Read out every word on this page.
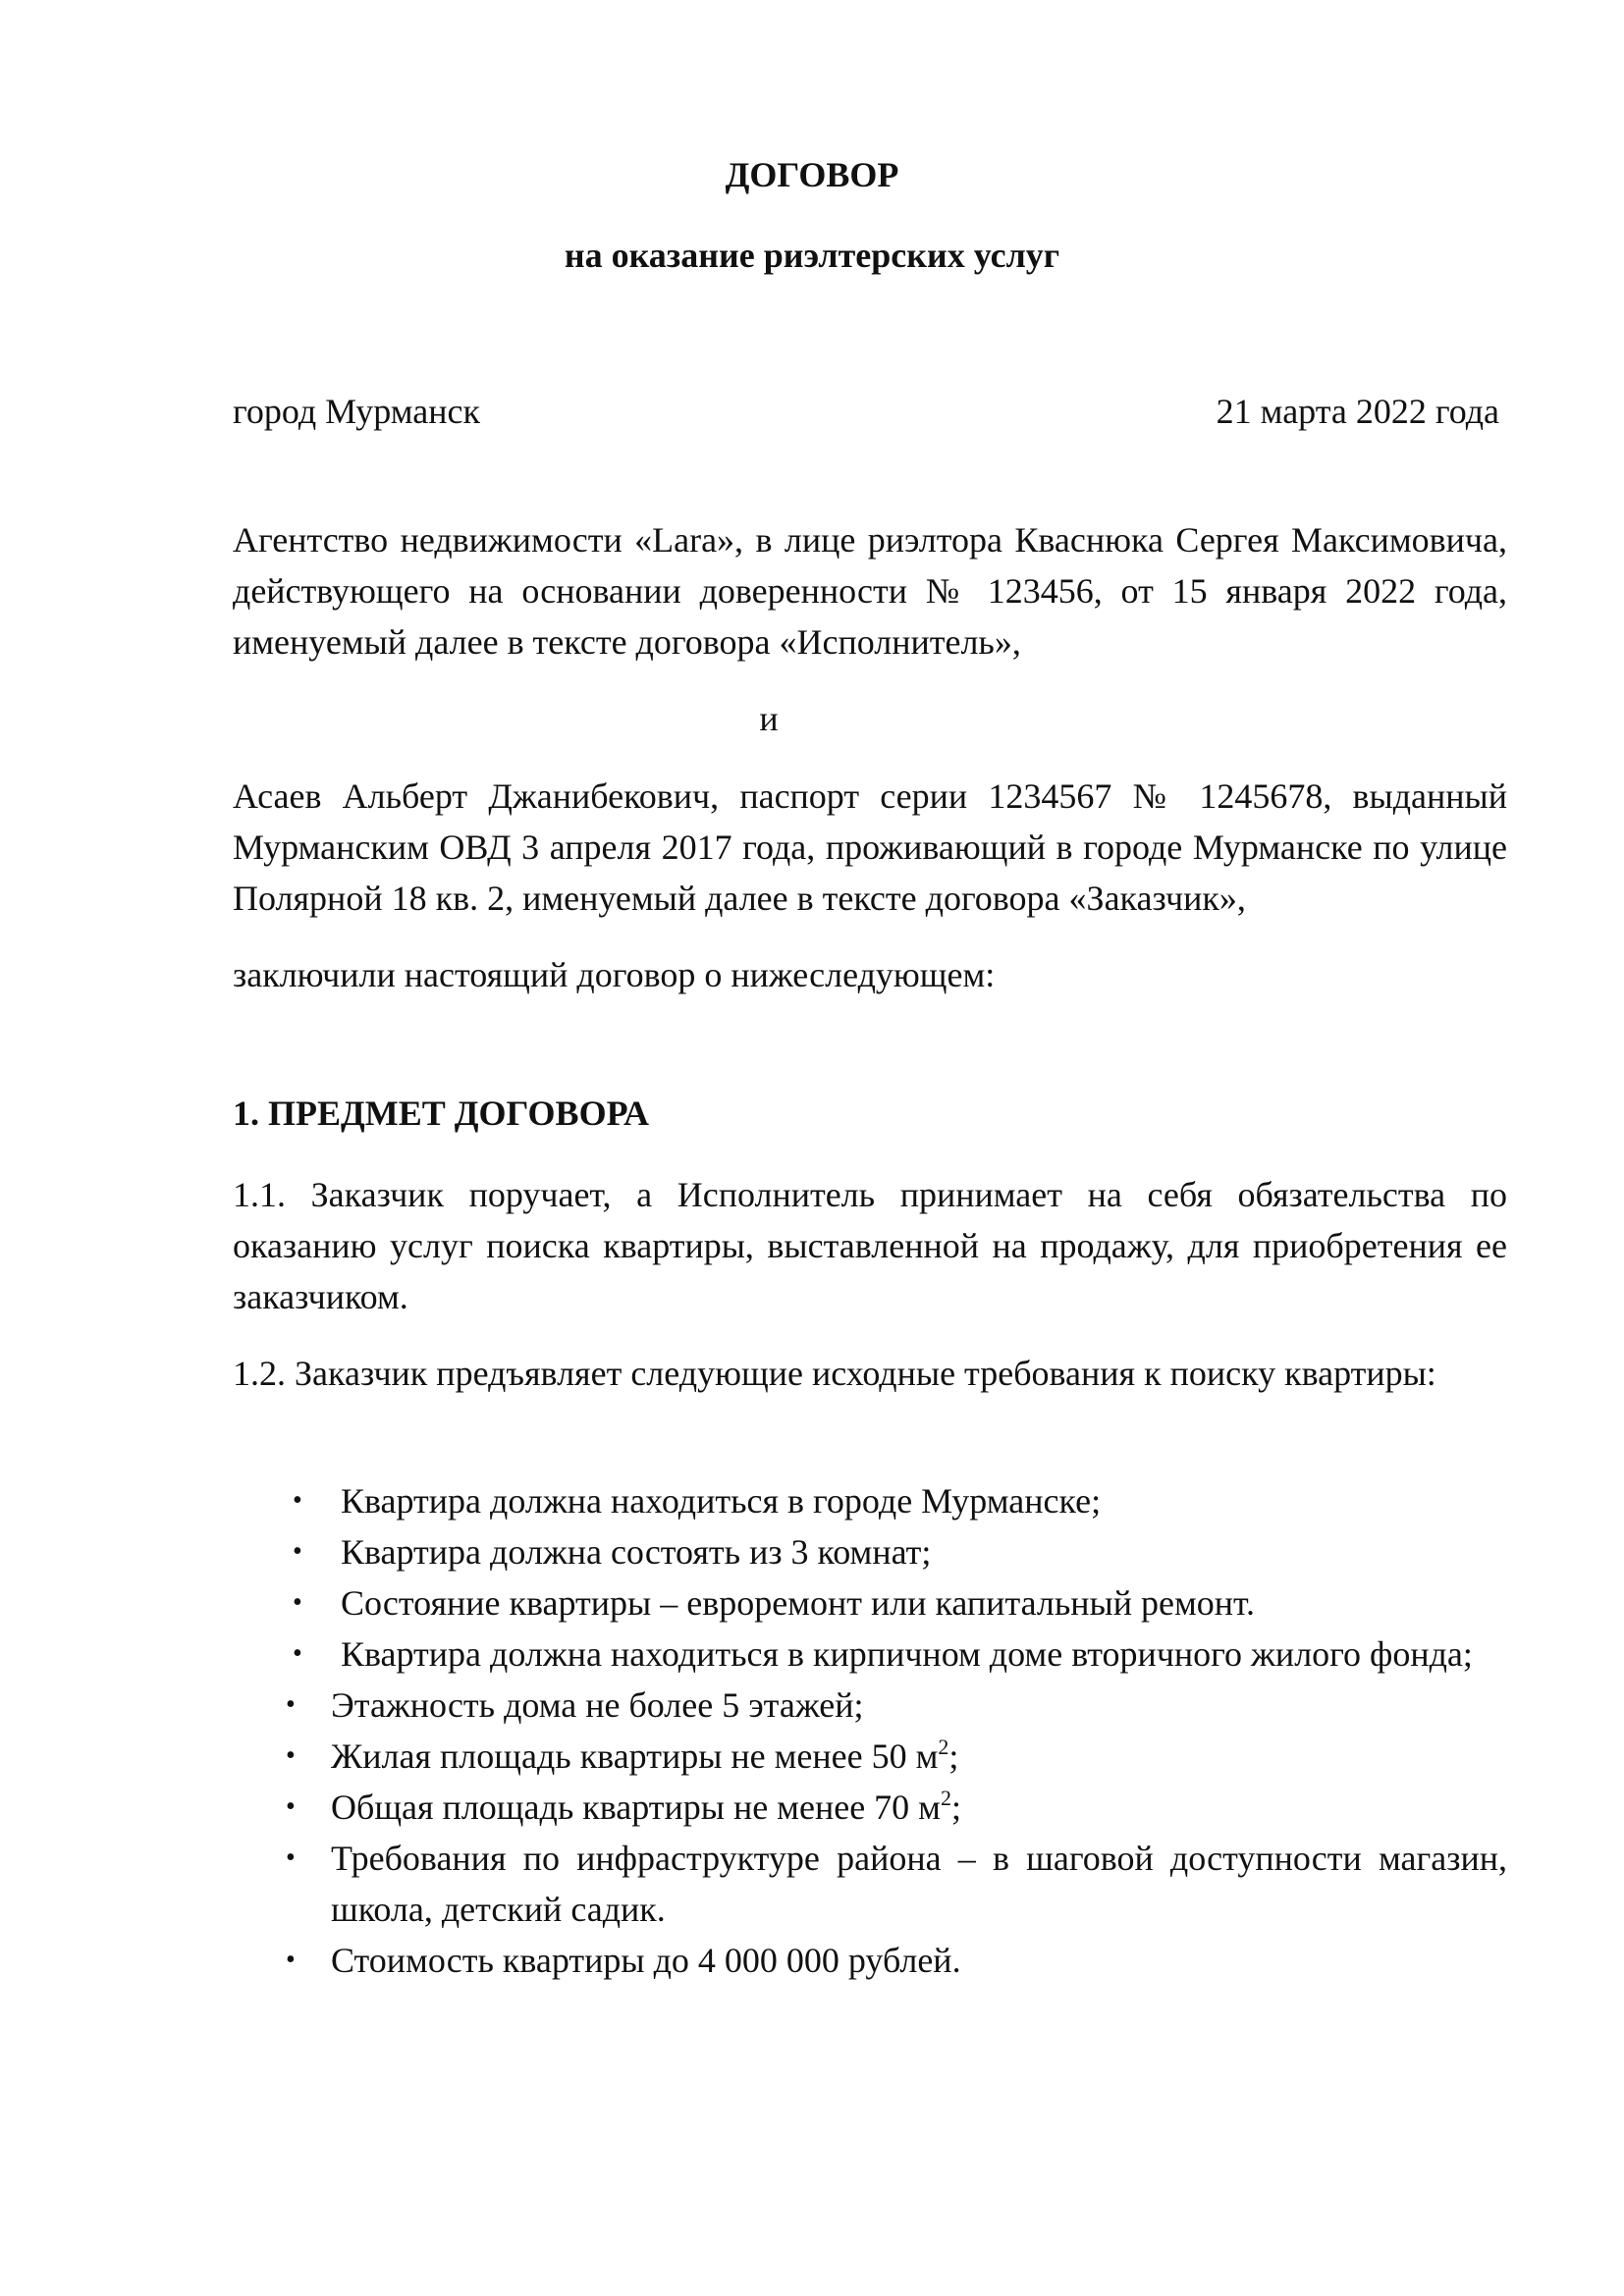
ДОГОВОР
на оказание риэлтерских услуг
город Мурманск	21 марта 2022 года

Агентство недвижимости «Lara», в лице риэлтора Кваснюка Сергея Максимовича, действующего на основании доверенности № 123456, от 15 января 2022 года, именуемый далее в тексте договора «Исполнитель»,

и

Асаев Альберт Джанибекович, паспорт серии 1234567 № 1245678, выданный Мурманским ОВД 3 апреля 2017 года, проживающий в городе Мурманске по улице Полярной 18 кв. 2, именуемый далее в тексте договора «Заказчик»,

заключили настоящий договор о нижеследующем:

1. ПРЕДМЕТ ДОГОВОРА

1.1. Заказчик поручает, а Исполнитель принимает на себя обязательства по оказанию услуг поиска квартиры, выставленной на продажу, для приобретения ее заказчиком.

1.2. Заказчик предъявляет следующие исходные требования к поиску квартиры:

• Квартира должна находиться в городе Мурманске;
• Квартира должна состоять из 3 комнат;
• Состояние квартиры – евроремонт или капитальный ремонт.
• Квартира должна находиться в кирпичном доме вторичного жилого фонда;
• Этажность дома не более 5 этажей;
• Жилая площадь квартиры не менее 50 $м^2$;
• Общая площадь квартиры не менее 70 $м^2$;
• Требования по инфраструктуре района – в шаговой доступности магазин, школа, детский садик.
• Стоимость квартиры до 4 000 000 рублей.
